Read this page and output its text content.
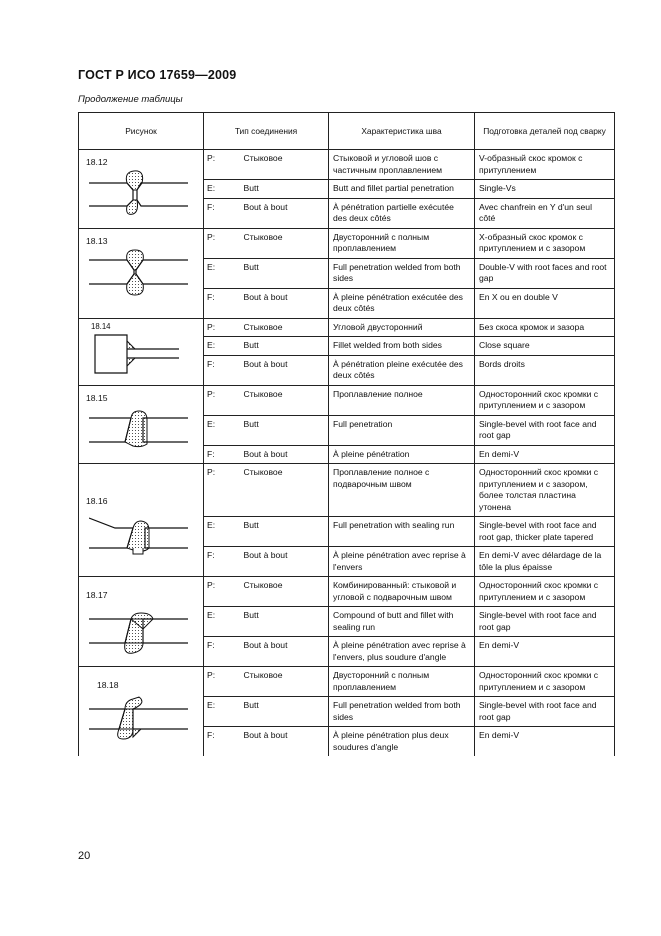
ГОСТ Р ИСО 17659—2009
Продолжение таблицы
Рисунок	Тип соединения		Характеристика шва	Подготовка деталей под сварку

18.12	P:	Стыковое	Стыковой и угловой шов с частичным проплавлением	V-образный скос кромок с притуплением
	E:	Butt	Butt and fillet partial penetration	Single-Vs
	F:	Bout à bout	À pénétration partielle exécutée des deux côtés	Avec chanfrein en Y d'un seul côté

18.13	P:	Стыковое	Двусторонний с полным проплавлением	X-образный скос кромок с притуплением и с зазором
	E:	Butt	Full penetration welded from both sides	Double-V with root faces and root gap
	F:	Bout à bout	À pleine pénétration exécutée des deux côtés	En X ou en double V

18.14	P:	Стыковое	Угловой двусторонний	Без скоса кромок и зазора
	E:	Butt	Fillet welded from both sides	Close square
	F:	Bout à bout	À pénétration pleine exécutée des deux côtés	Bords droits

18.15	P:	Стыковое	Проплавление полное	Односторонний скос кромки с притуплением и с зазором
	E:	Butt	Full penetration	Single-bevel with root face and root gap
	F:	Bout à bout	À pleine pénétration	En demi-V

18.16	P:	Стыковое	Проплавление полное с подварочным швом	Односторонний скос кромки с притуплением и с зазором, более толстая пластина утонена
	E:	Butt	Full penetration with sealing run	Single-bevel with root face and root gap, thicker plate tapered
	F:	Bout à bout	À pleine pénétration avec reprise à l'envers	En demi-V avec délardage de la tôle la plus épaisse

18.17	P:	Стыковое	Комбинированный: стыковой и угловой с подварочным швом	Односторонний скос кромки с притуплением и с зазором
	E:	Butt	Compound of butt and fillet with sealing run	Single-bevel with root face and root gap
	F:	Bout à bout	À pleine pénétration avec reprise à l'envers, plus soudure d'angle	En demi-V

18.18	P:	Стыковое	Двусторонний с полным проплавлением	Односторонний скос кромки с притуплением и с зазором
	E:	Butt	Full penetration welded from both sides	Single-bevel with root face and root gap
	F:	Bout à bout	À pleine pénétration plus deux soudures d'angle	En demi-V
20
